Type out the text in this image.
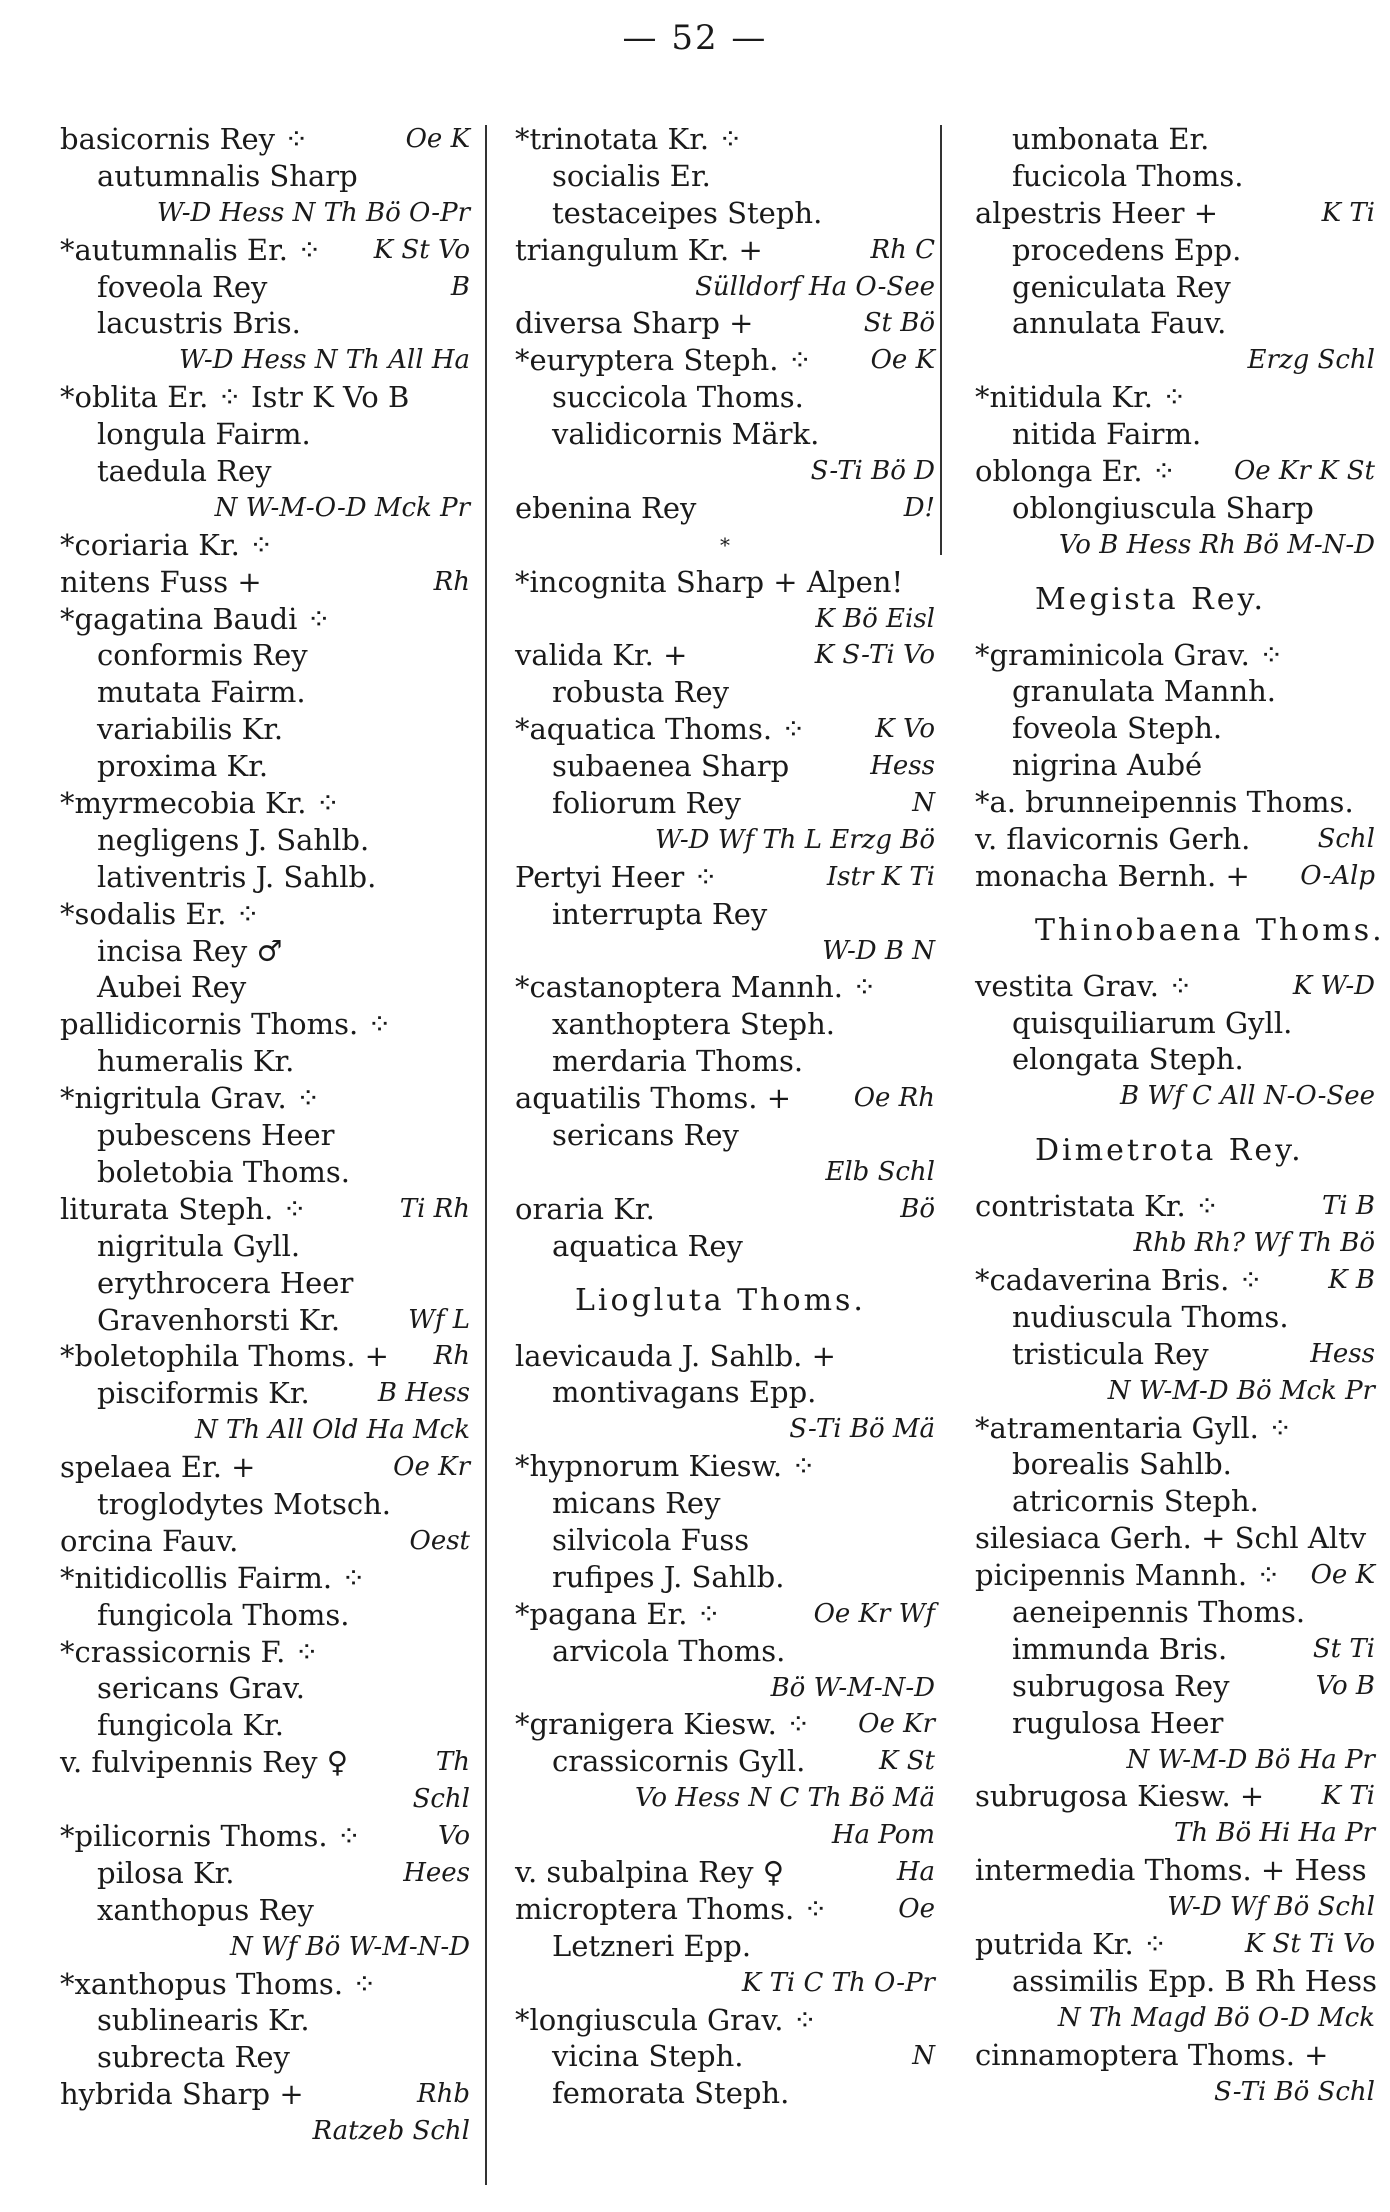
— 52 —
basicornis Rey ⁘	Oe K
autumnalis Sharp
W-D Hess N Th Bö O-Pr
*autumnalis Er. ⁘ K St Vo
foveola Rey	B
lacustris Bris.
W-D Hess N Th All Ha
*oblita Er. ⁘ Istr K Vo B
longula Fairm.
taedula Rey
N W-M-O-D Mck Pr
*coriaria Kr. ⁘
nitens Fuss +	Rh
*gagatina Baudi ⁘
conformis Rey
mutata Fairm.
variabilis Kr.
proxima Kr.
*myrmecobia Kr. ⁘
negligens J. Sahlb.
lativentris J. Sahlb.
*sodalis Er. ⁘
incisa Rey ♂
Aubei Rey
pallidicornis Thoms. ⁘
humeralis Kr.
*nigritula Grav. ⁘
pubescens Heer
boletobia Thoms.
liturata Steph. ⁘	Ti Rh
nigritula Gyll.
erythrocera Heer
Gravenhorsti Kr.	Wf L
*boletophila Thoms. + Rh
pisciformis Kr.	B Hess
N Th All Old Ha Mck
spelaea Er. +	Oe Kr
troglodytes Motsch.
orcina Fauv.	Oest
*nitidicollis Fairm. ⁘
fungicola Thoms.
*crassicornis F. ⁘
sericans Grav.
fungicola Kr.
v. fulvipennis Rey ♀	Th
Schl
*pilicornis Thoms. ⁘	Vo
pilosa Kr.	Hees
xanthopus Rey
N Wf Bö W-M-N-D
*xanthopus Thoms. ⁘
sublinearis Kr.
subrecta Rey
hybrida Sharp +	Rhb
Ratzeb Schl
*trinotata Kr. ⁘
socialis Er.
testaceipes Steph.
triangulum Kr. +	Rh C
Sülldorf Ha O-See
diversa Sharp +	St Bö
*euryptera Steph. ⁘ Oe K
succicola Thoms.
validicornis Märk.
S-Ti Bö D
ebenina Rey	D!
*
*incognita Sharp + Alpen!
K Bö Eisl
valida Kr. +	K S-Ti Vo
robusta Rey
*aquatica Thoms. ⁘	K Vo
subaenea Sharp	Hess
foliorum Rey	N
W-D Wf Th L Erzg Bö
Pertyi Heer ⁘	Istr K Ti
interrupta Rey
W-D B N
*castanoptera Mannh. ⁘
xanthoptera Steph.
merdaria Thoms.
aquatilis Thoms. + Oe Rh
sericans Rey
Elb Schl
oraria Kr.	Bö
aquatica Rey
Liogluta Thoms.
laevicauda J. Sahlb. +
montivagans Epp.
S-Ti Bö Mä
*hypnorum Kiesw. ⁘
micans Rey
silvicola Fuss
rufipes J. Sahlb.
*pagana Er. ⁘	Oe Kr Wf
arvicola Thoms.
Bö W-M-N-D
*granigera Kiesw. ⁘ Oe Kr
crassicornis Gyll.	K St
Vo Hess N C Th Bö Mä
Ha Pom
v. subalpina Rey ♀	Ha
microptera Thoms. ⁘	Oe
Letzneri Epp.
K Ti C Th O-Pr
*longiuscula Grav. ⁘
vicina Steph.	N
femorata Steph.
umbonata Er.
fucicola Thoms.
alpestris Heer +	K Ti
procedens Epp.
geniculata Rey
annulata Fauv.
Erzg Schl
*nitidula Kr. ⁘
nitida Fairm.
oblonga Er. ⁘ Oe Kr K St
oblongiuscula Sharp
Vo B Hess Rh Bö M-N-D
Megista Rey.
*graminicola Grav. ⁘
granulata Mannh.
foveola Steph.
nigrina Aubé
*a. brunneipennis Thoms.
v. flavicornis Gerh.	Schl
monacha Bernh. + O-Alp
Thinobaena Thoms.
vestita Grav. ⁘	K W-D
quisquiliarum Gyll.
elongata Steph.
B Wf C All N-O-See
Dimetrota Rey.
contristata Kr. ⁘	Ti B
Rhb Rh? Wf Th Bö
*cadaverina Bris. ⁘	K B
nudiuscula Thoms.
tristicula Rey	Hess
N W-M-D Bö Mck Pr
*atramentaria Gyll. ⁘
borealis Sahlb.
atricornis Steph.
silesiaca Gerh. + Schl Altv
picipennis Mannh. ⁘ Oe K
aeneipennis Thoms.
immunda Bris.	St Ti
subrugosa Rey	Vo B
rugulosa Heer
N W-M-D Bö Ha Pr
subrugosa Kiesw. + K Ti
Th Bö Hi Ha Pr
intermedia Thoms. + Hess
W-D Wf Bö Schl
putrida Kr. ⁘	K St Ti Vo
assimilis Epp. B Rh Hess
N Th Magd Bö O-D Mck
cinnamoptera Thoms. +
S-Ti Bö Schl
